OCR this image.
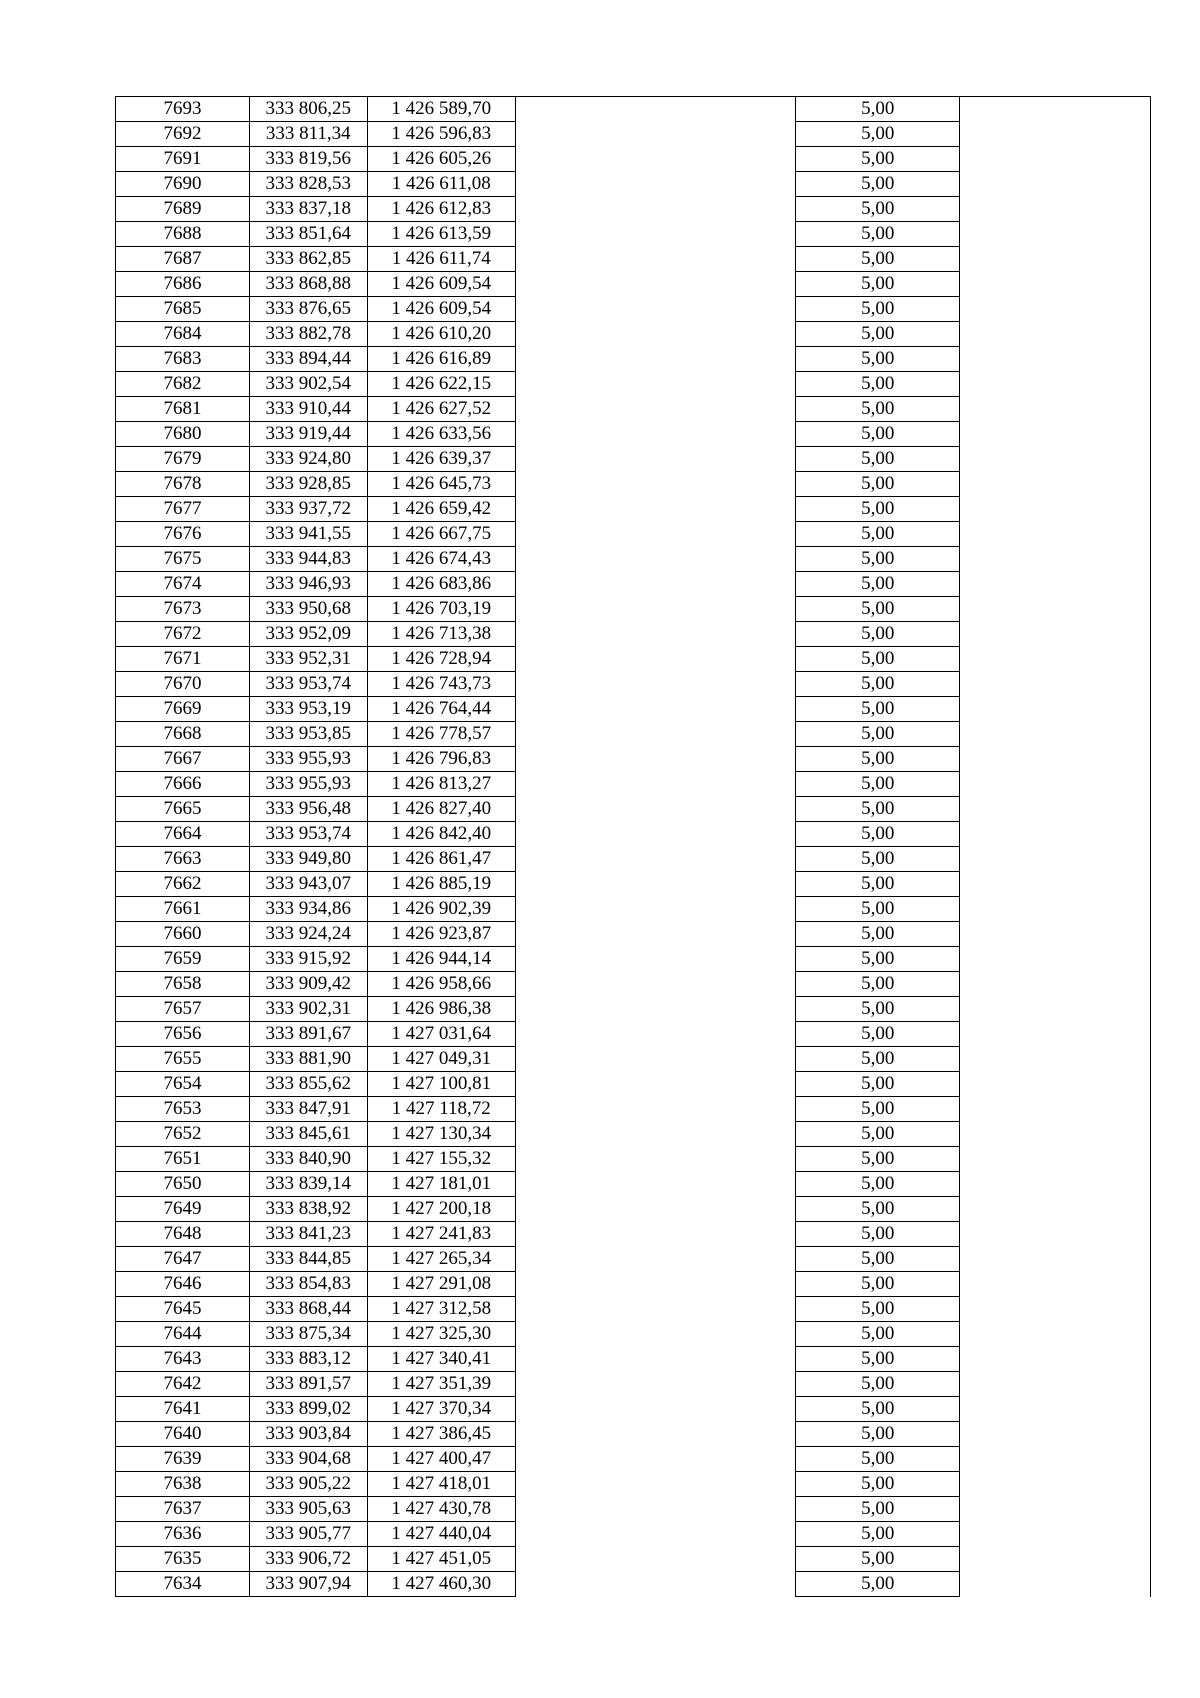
7693	333 806,25	1 426 589,70		5,00	
7692	333 811,34	1 426 596,83		5,00	
7691	333 819,56	1 426 605,26		5,00	
7690	333 828,53	1 426 611,08		5,00	
7689	333 837,18	1 426 612,83		5,00	
7688	333 851,64	1 426 613,59		5,00	
7687	333 862,85	1 426 611,74		5,00	
7686	333 868,88	1 426 609,54		5,00	
7685	333 876,65	1 426 609,54		5,00	
7684	333 882,78	1 426 610,20		5,00	
7683	333 894,44	1 426 616,89		5,00	
7682	333 902,54	1 426 622,15		5,00	
7681	333 910,44	1 426 627,52		5,00	
7680	333 919,44	1 426 633,56		5,00	
7679	333 924,80	1 426 639,37		5,00	
7678	333 928,85	1 426 645,73		5,00	
7677	333 937,72	1 426 659,42		5,00	
7676	333 941,55	1 426 667,75		5,00	
7675	333 944,83	1 426 674,43		5,00	
7674	333 946,93	1 426 683,86		5,00	
7673	333 950,68	1 426 703,19		5,00	
7672	333 952,09	1 426 713,38		5,00	
7671	333 952,31	1 426 728,94		5,00	
7670	333 953,74	1 426 743,73		5,00	
7669	333 953,19	1 426 764,44		5,00	
7668	333 953,85	1 426 778,57		5,00	
7667	333 955,93	1 426 796,83		5,00	
7666	333 955,93	1 426 813,27		5,00	
7665	333 956,48	1 426 827,40		5,00	
7664	333 953,74	1 426 842,40		5,00	
7663	333 949,80	1 426 861,47		5,00	
7662	333 943,07	1 426 885,19		5,00	
7661	333 934,86	1 426 902,39		5,00	
7660	333 924,24	1 426 923,87		5,00	
7659	333 915,92	1 426 944,14		5,00	
7658	333 909,42	1 426 958,66		5,00	
7657	333 902,31	1 426 986,38		5,00	
7656	333 891,67	1 427 031,64		5,00	
7655	333 881,90	1 427 049,31		5,00	
7654	333 855,62	1 427 100,81		5,00	
7653	333 847,91	1 427 118,72		5,00	
7652	333 845,61	1 427 130,34		5,00	
7651	333 840,90	1 427 155,32		5,00	
7650	333 839,14	1 427 181,01		5,00	
7649	333 838,92	1 427 200,18		5,00	
7648	333 841,23	1 427 241,83		5,00	
7647	333 844,85	1 427 265,34		5,00	
7646	333 854,83	1 427 291,08		5,00	
7645	333 868,44	1 427 312,58		5,00	
7644	333 875,34	1 427 325,30		5,00	
7643	333 883,12	1 427 340,41		5,00	
7642	333 891,57	1 427 351,39		5,00	
7641	333 899,02	1 427 370,34		5,00	
7640	333 903,84	1 427 386,45		5,00	
7639	333 904,68	1 427 400,47		5,00	
7638	333 905,22	1 427 418,01		5,00	
7637	333 905,63	1 427 430,78		5,00	
7636	333 905,77	1 427 440,04		5,00	
7635	333 906,72	1 427 451,05		5,00	
7634	333 907,94	1 427 460,30		5,00	
